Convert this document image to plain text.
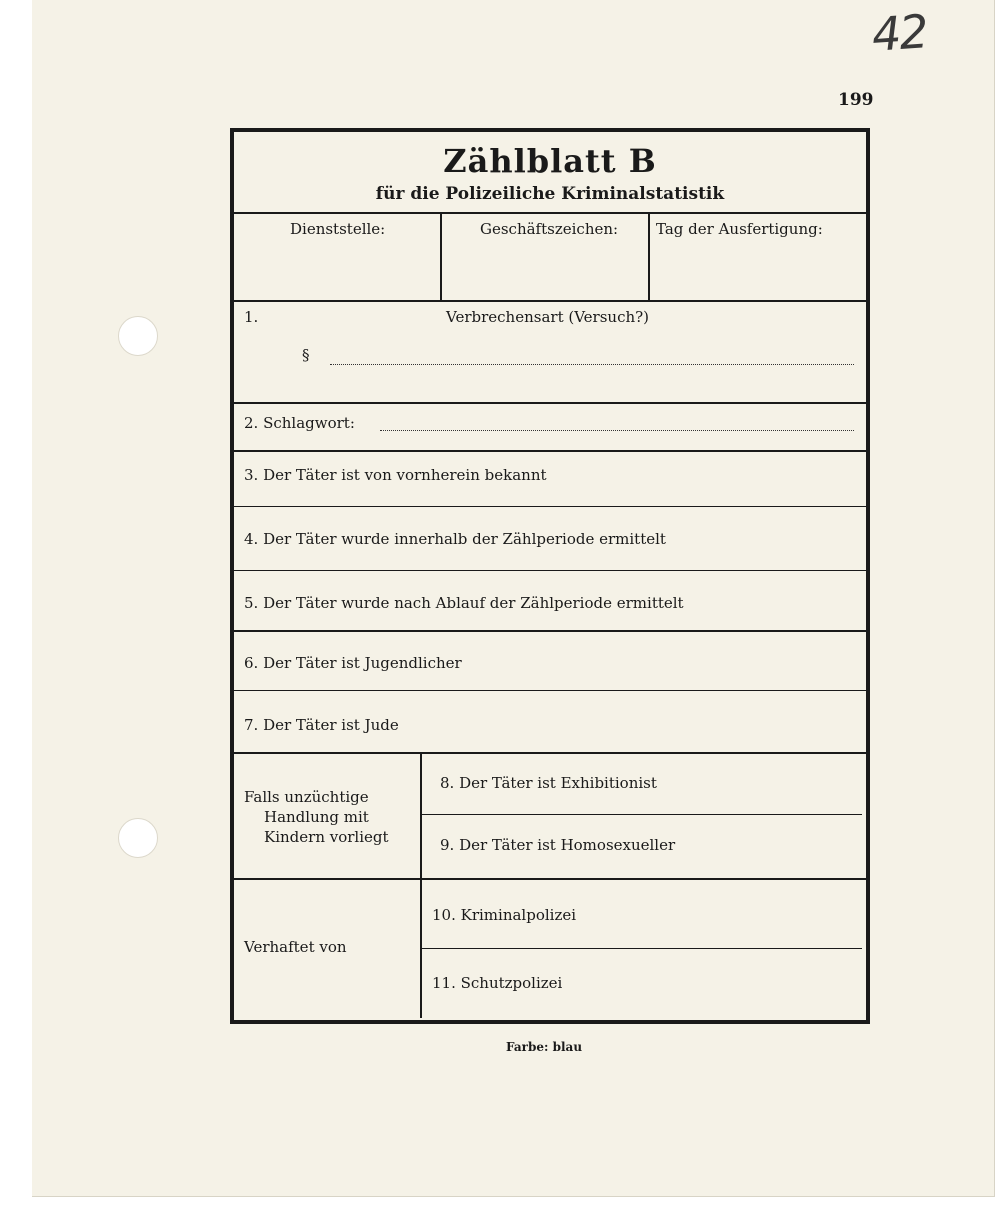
42
199
Zählblatt B
für die Polizeiliche Kriminalstatistik
Dienststelle:	Geschäftszeichen:	Tag der Ausfertigung:
1.	Verbrechensart (Versuch?)
§
2. Schlagwort:
3. Der Täter ist von vornherein bekannt
4. Der Täter wurde innerhalb der Zählperiode ermittelt
5. Der Täter wurde nach Ablauf der Zählperiode ermittelt
6. Der Täter ist Jugendlicher
7. Der Täter ist Jude
Falls unzüchtige
Handlung mit
Kindern vorliegt
8. Der Täter ist Exhibitionist
9. Der Täter ist Homosexueller
Verhaftet von
10. Kriminalpolizei
11. Schutzpolizei
Farbe: blau
